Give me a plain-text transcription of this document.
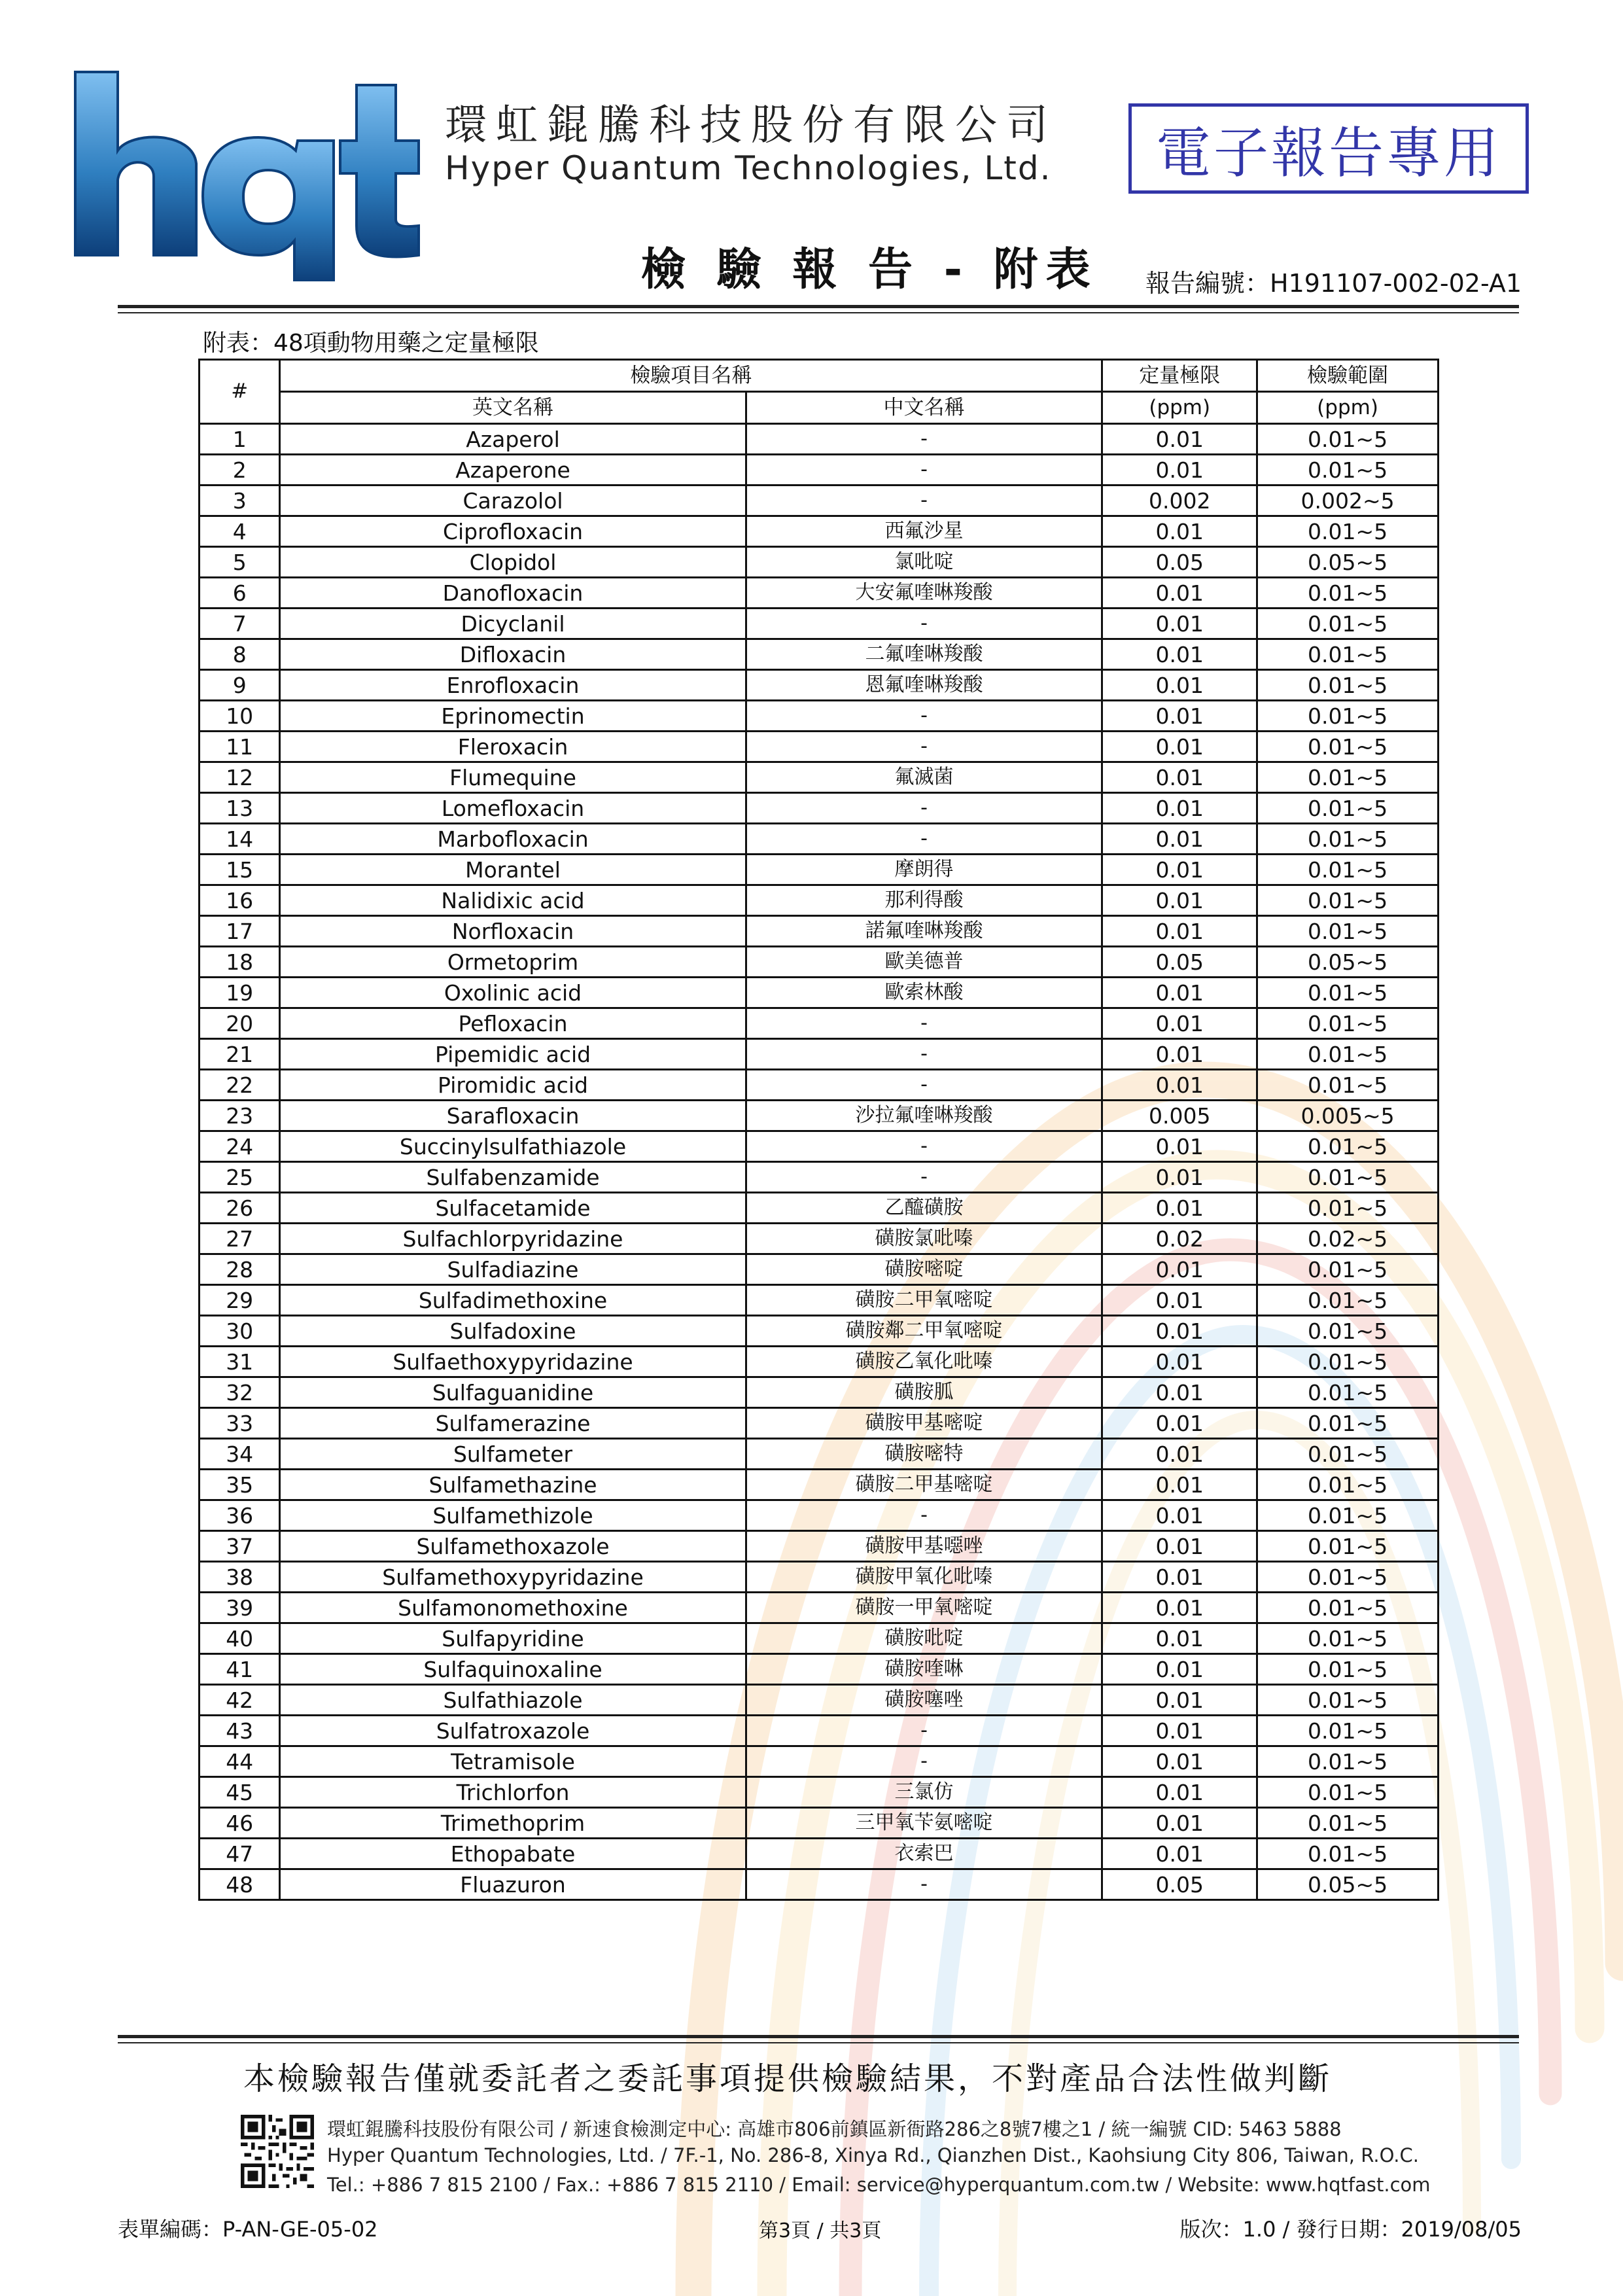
環虹錕騰科技股份有限公司
Hyper Quantum Technologies, Ltd.	電子報告專用
檢 驗 報 告 - 附表 報告編號：H191107-002-02-A1
附表：48項動物用藥之定量極限
#	檢驗項目名稱		定量極限	檢驗範圍
	英文名稱	中文名稱	(ppm)	(ppm)
1	Azaperol	-	0.01	0.01~5
2	Azaperone	-	0.01	0.01~5
3	Carazolol	-	0.002	0.002~5
4	Ciprofloxacin	西氟沙星	0.01	0.01~5
5	Clopidol	氯吡啶	0.05	0.05~5
6	Danofloxacin	大安氟喹啉羧酸	0.01	0.01~5
7	Dicyclanil	-	0.01	0.01~5
8	Difloxacin	二氟喹啉羧酸	0.01	0.01~5
9	Enrofloxacin	恩氟喹啉羧酸	0.01	0.01~5
10	Eprinomectin	-	0.01	0.01~5
11	Fleroxacin	-	0.01	0.01~5
12	Flumequine	氟滅菌	0.01	0.01~5
13	Lomefloxacin	-	0.01	0.01~5
14	Marbofloxacin	-	0.01	0.01~5
15	Morantel	摩朗得	0.01	0.01~5
16	Nalidixic acid	那利得酸	0.01	0.01~5
17	Norfloxacin	諾氟喹啉羧酸	0.01	0.01~5
18	Ormetoprim	歐美德普	0.05	0.05~5
19	Oxolinic acid	歐索林酸	0.01	0.01~5
20	Pefloxacin	-	0.01	0.01~5
21	Pipemidic acid	-	0.01	0.01~5
22	Piromidic acid	-	0.01	0.01~5
23	Sarafloxacin	沙拉氟喹啉羧酸	0.005	0.005~5
24	Succinylsulfathiazole	-	0.01	0.01~5
25	Sulfabenzamide	-	0.01	0.01~5
26	Sulfacetamide	乙醯磺胺	0.01	0.01~5
27	Sulfachlorpyridazine	磺胺氯吡嗪	0.02	0.02~5
28	Sulfadiazine	磺胺嘧啶	0.01	0.01~5
29	Sulfadimethoxine	磺胺二甲氧嘧啶	0.01	0.01~5
30	Sulfadoxine	磺胺鄰二甲氧嘧啶	0.01	0.01~5
31	Sulfaethoxypyridazine	磺胺乙氧化吡嗪	0.01	0.01~5
32	Sulfaguanidine	磺胺胍	0.01	0.01~5
33	Sulfamerazine	磺胺甲基嘧啶	0.01	0.01~5
34	Sulfameter	磺胺嘧特	0.01	0.01~5
35	Sulfamethazine	磺胺二甲基嘧啶	0.01	0.01~5
36	Sulfamethizole	-	0.01	0.01~5
37	Sulfamethoxazole	磺胺甲基噁唑	0.01	0.01~5
38	Sulfamethoxypyridazine	磺胺甲氧化吡嗪	0.01	0.01~5
39	Sulfamonomethoxine	磺胺一甲氧嘧啶	0.01	0.01~5
40	Sulfapyridine	磺胺吡啶	0.01	0.01~5
41	Sulfaquinoxaline	磺胺喹啉	0.01	0.01~5
42	Sulfathiazole	磺胺噻唑	0.01	0.01~5
43	Sulfatroxazole	-	0.01	0.01~5
44	Tetramisole	-	0.01	0.01~5
45	Trichlorfon	三氯仿	0.01	0.01~5
46	Trimethoprim	三甲氧苄氨嘧啶	0.01	0.01~5
47	Ethopabate	衣索巴	0.01	0.01~5
48	Fluazuron	-	0.05	0.05~5
本檢驗報告僅就委託者之委託事項提供檢驗結果，不對產品合法性做判斷
環虹錕騰科技股份有限公司 / 新速食檢測定中心: 高雄市806前鎮區新衙路286之8號7樓之1 / 統一編號 CID: 5463 5888
Hyper Quantum Technologies, Ltd. / 7F.-1, No. 286-8, Xinya Rd., Qianzhen Dist., Kaohsiung City 806, Taiwan, R.O.C.
Tel.: +886 7 815 2100 / Fax.: +886 7 815 2110 / Email: service@hyperquantum.com.tw / Website: www.hqtfast.com
表單編碼：P-AN-GE-05-02	第3頁 / 共3頁	版次：1.0 / 發行日期：2019/08/05
